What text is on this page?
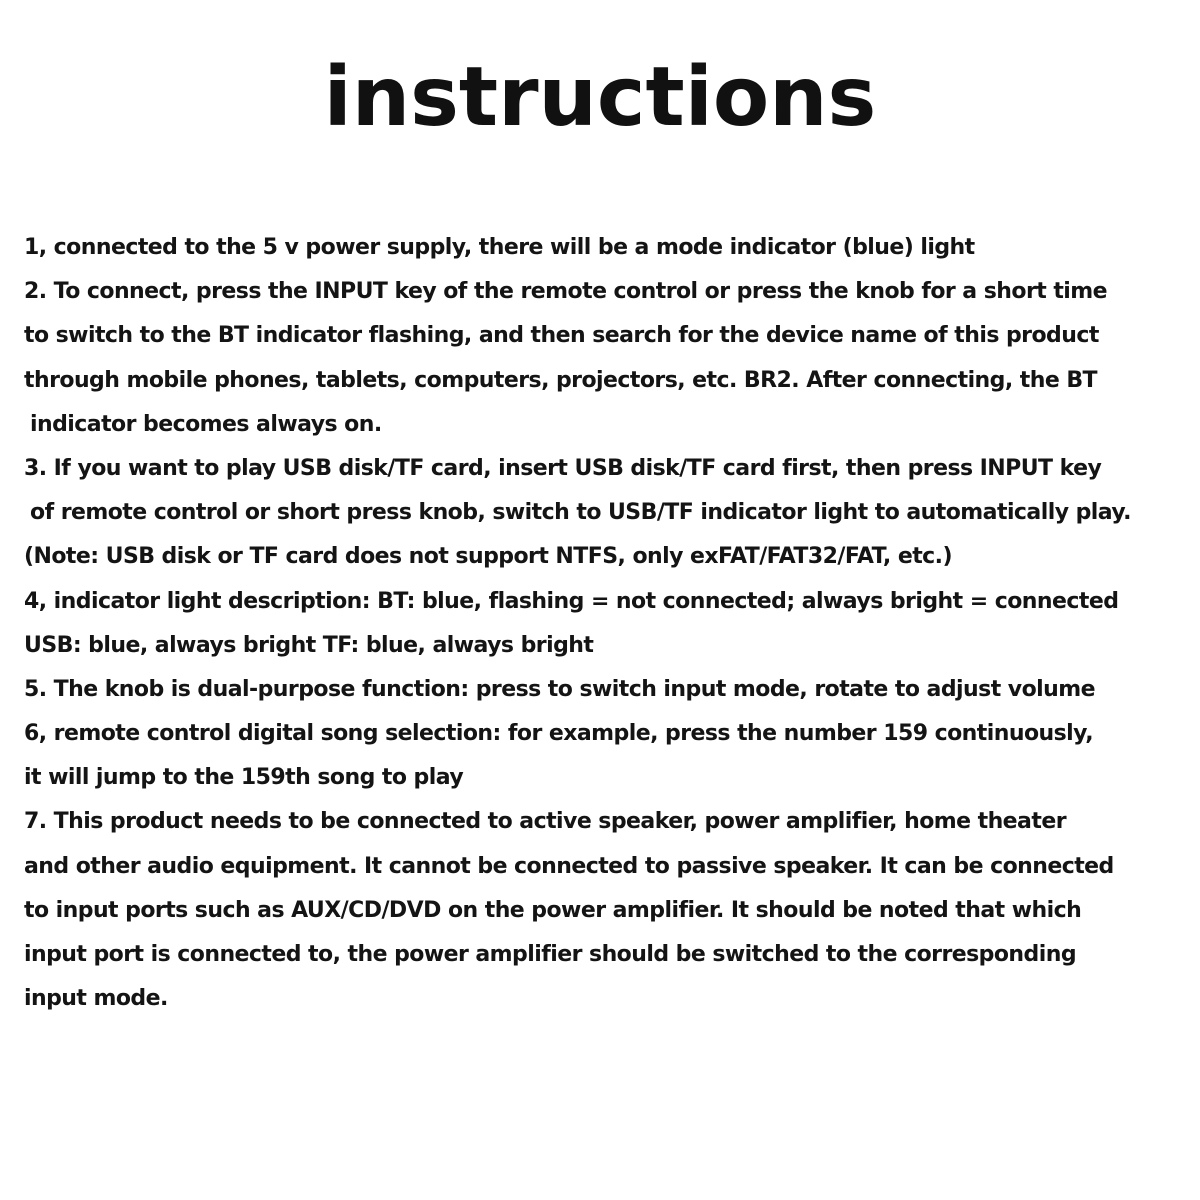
instructions
1, connected to the 5 v power supply, there will be a mode indicator (blue) light
2. To connect, press the INPUT key of the remote control or press the knob for a short time
to switch to the BT indicator flashing, and then search for the device name of this product
through mobile phones, tablets, computers, projectors, etc. BR2. After connecting, the BT
indicator becomes always on.
3. If you want to play USB disk/TF card, insert USB disk/TF card first, then press INPUT key
of remote control or short press knob, switch to USB/TF indicator light to automatically play.
(Note: USB disk or TF card does not support NTFS, only exFAT/FAT32/FAT, etc.)
4, indicator light description: BT: blue, flashing = not connected; always bright = connected
USB: blue, always bright TF: blue, always bright
5. The knob is dual-purpose function: press to switch input mode, rotate to adjust volume
6, remote control digital song selection: for example, press the number 159 continuously,
it will jump to the 159th song to play
7. This product needs to be connected to active speaker, power amplifier, home theater
and other audio equipment. It cannot be connected to passive speaker. It can be connected
to input ports such as AUX/CD/DVD on the power amplifier. It should be noted that which
input port is connected to, the power amplifier should be switched to the corresponding
input mode.
